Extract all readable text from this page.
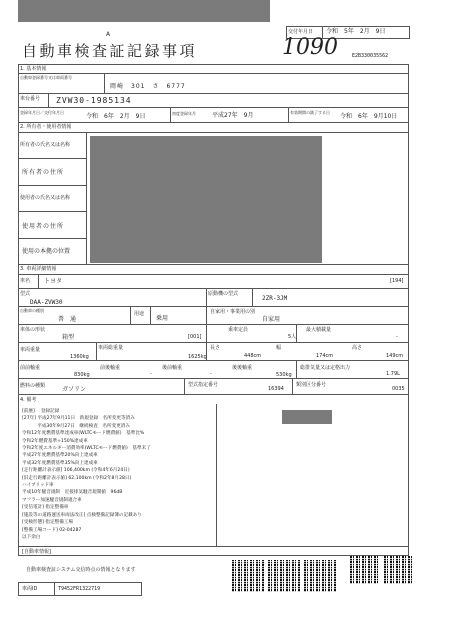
交付年月日 令和　5年　2月　9日
A
自動車検査証記録事項	1090	E2B330035562
1. 基本情報
自動車登録番号又は車両番号
岡崎　301　さ　6777
車台番号 ZVW30-1985134
登録年月日／交付年月日
令和　6年　2月　9日	初度登録年月	平成27年　9月	有効期間の満了する日
令和　6年　9月10日
2. 所有者・使用者情報
所有者の氏名又は名称
所有者の住所
使用者の氏名又は名称
使用者の住所
使用の本拠の位置
3. 車両詳細情報
車名 トヨタ	[194]
型式
DAA-ZVW30
原動機の型式
2ZR-3JM
自動車の種別
普　通
用途
乗用
自家用・事業用の別
自家用
車体の形状
箱型	[001]
乗車定員
5人
最大積載量
-
車両重量
1360kg
車両総重量
1625kg
長さ
448cm
幅
174cm
高さ
149cm
前前軸重
830kg
前後軸重
-
後前軸重
-
後後軸重
530kg
総排気量又は定格出力
1.79L
燃料の種類	ガソリン
型式指定番号
16394
類別区分番号
0035
4. 備考
[前歴] 　登録記録
[27年] 平成27年9月11日　新規登録　名所変更等済み
　　　 平成30年9月27日　継続検査　名所変更済み
令和12年度燃費基準達成車(WLTCモード燃費値)　基準比%
令和2年燃費基準+150%達成車
令和2年度エネルギー消費効率(WLTCモード燃費値)　基準未了
平成27年度燃費基準20%向上達成車
平成32年度燃費基準35%向上達成車
[走行距離計表示値] 106,400km (令和4年6月24日)
[旧走行距離計表示値] 62,100km (令和2年8月28日)
ハイブリッド車
平成10年騒音規制　近接排気騒音規制値　96dB
マフラー加速騒音規制適合車
[受信電計] 指定整備車
[施設等の道路運送車両法改正] 点検整備記録簿の記載あり
[受検形態] 指定整備工場
[整備工場コード] 02-04287
以下余白
[自動車情報]
自動車検査証システム交信時点の情報となります
車両ID	T9452FR1322719
